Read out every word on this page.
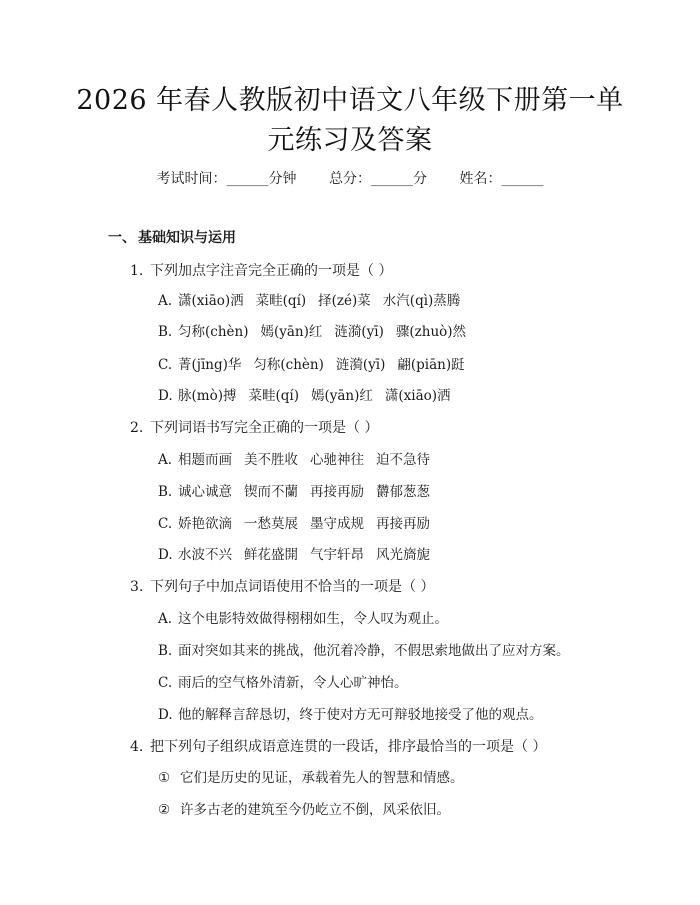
2026 年春人教版初中语文八年级下册第一单
元练习及答案
考试时间：______分钟 总分：______分 姓名：______
一、 基础知识与运用
1. 下列加点字注音完全正确的一项是（ ）
A. 潇(xiāo)洒 菜畦(qí) 择(zé)菜 水汽(qì)蒸腾
B. 匀称(chèn) 嫣(yān)红 涟漪(yī) 骤(zhuò)然
C. 菁(jīng)华 匀称(chèn) 涟漪(yī) 翩(piān)跹
D. 脉(mò)搏 菜畦(qí) 嫣(yān)红 潇(xiāo)洒
2. 下列词语书写完全正确的一项是（ ）
A. 相题而画 美不胜收 心驰神往 迫不急待
B. 诚心诚意 锲而不蘭 再接再励 欝郁葱葱
C. 娇艳欲滴 一愁莫展 墨守成规 再接再励
D. 水波不兴 鲜花盛開 气宇轩昂 风光旖旎
3. 下列句子中加点词语使用不恰当的一项是（ ）
A. 这个电影特效做得栩栩如生，令人叹为观止。
B. 面对突如其来的挑战，他沉着冷静，不假思索地做出了应对方案。
C. 雨后的空气格外清新，令人心旷神怡。
D. 他的解释言辞恳切，终于使对方无可辩驳地接受了他的观点。
4. 把下列句子组织成语意连贯的一段话，排序最恰当的一项是（ ）
① 它们是历史的见证，承载着先人的智慧和情感。
② 许多古老的建筑至今仍屹立不倒，风采依旧。
